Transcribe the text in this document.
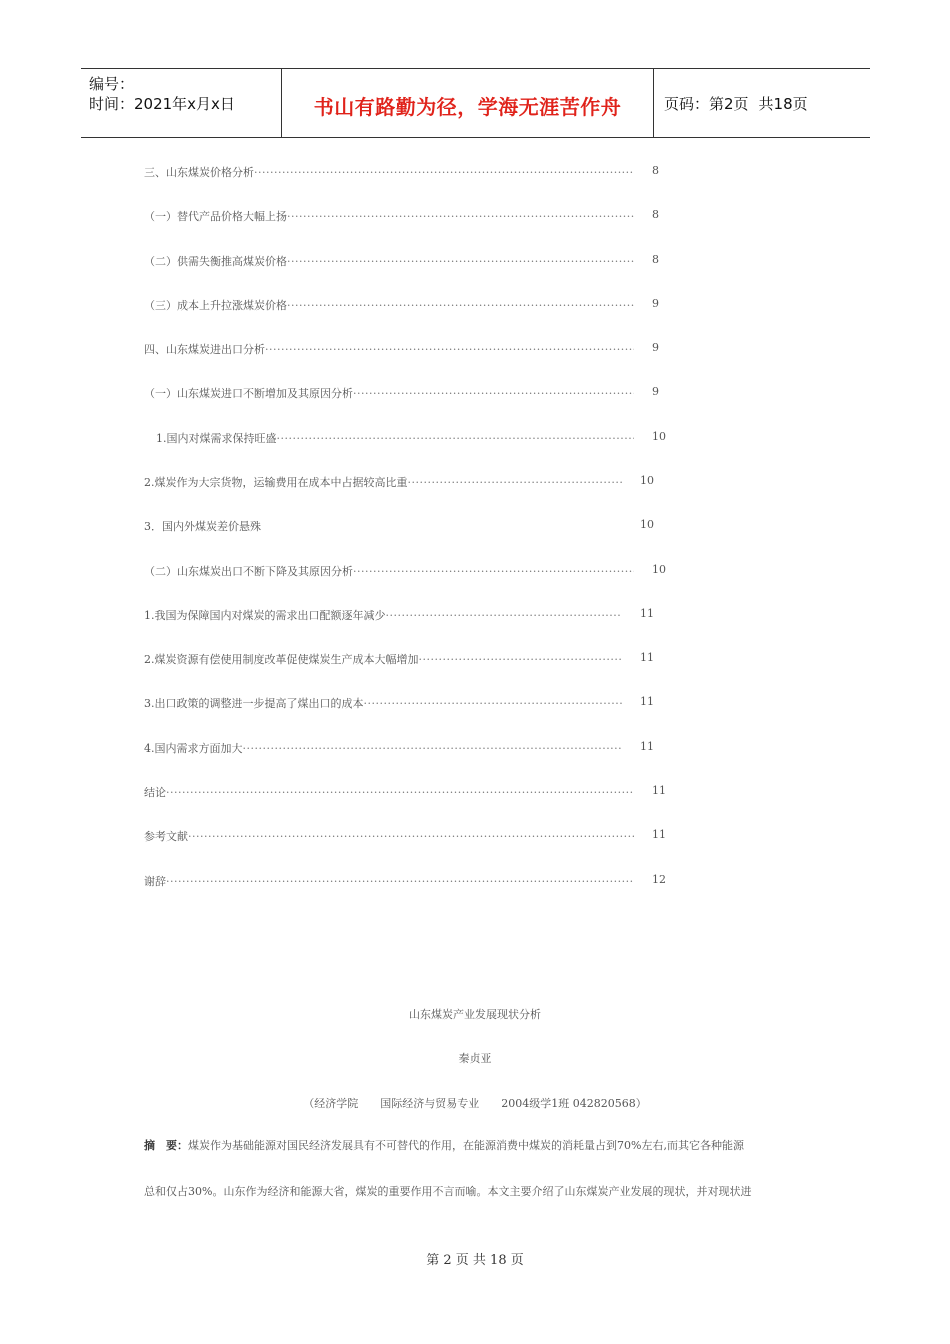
编号：
时间：2021年x月x日	书山有路勤为径，学海无涯苦作舟	页码：第2页 共18页
三、山东煤炭价格分析 ·····	8
（一）替代产品价格大幅上扬 ·····	8
（二）供需失衡推高煤炭价格 ·····	8
（三）成本上升拉涨煤炭价格 ·····	9
四、山东煤炭进出口分析 ·····	9
（一）山东煤炭进口不断增加及其原因分析 ·····	9
1.国内对煤需求保持旺盛 ·····	10
2.煤炭作为大宗货物，运输费用在成本中占据较高比重 ·····	10
3．国内外煤炭差价悬殊	10
（二）山东煤炭出口不断下降及其原因分析 ·····	10
1.我国为保障国内对煤炭的需求出口配额逐年减少 ·····	11
2.煤炭资源有偿使用制度改革促使煤炭生产成本大幅增加 ·····	11
3.出口政策的调整进一步提高了煤出口的成本 ·····	11
4.国内需求方面加大 ·····	11
结论 ·····	11
参考文献 ·····	11
谢辞 ·····	12
山东煤炭产业发展现状分析
秦贞亚
（经济学院　　国际经济与贸易专业　　2004级学1班 042820568）
摘　要：煤炭作为基础能源对国民经济发展具有不可替代的作用，在能源消费中煤炭的消耗量占到70%左右,而其它各种能源
总和仅占30%。山东作为经济和能源大省，煤炭的重要作用不言而喻。本文主要介绍了山东煤炭产业发展的现状，并对现状进
第 2 页 共 18 页
